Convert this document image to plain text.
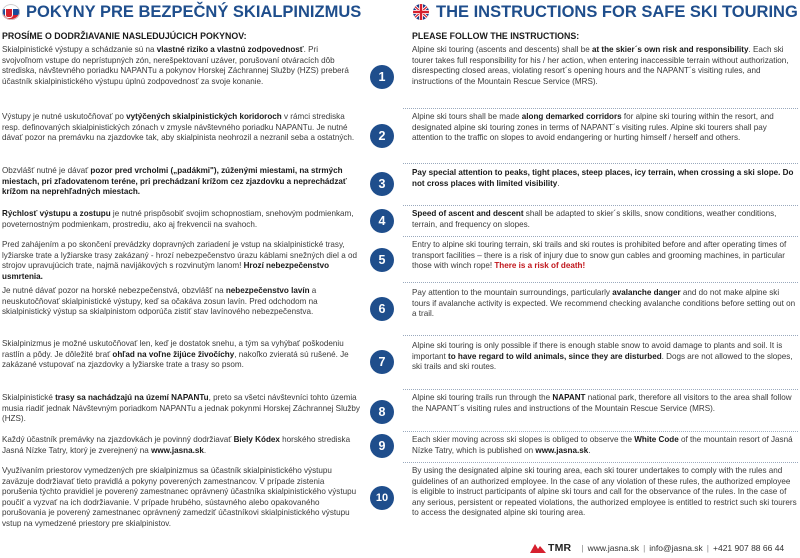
POKYNY PRE BEZPEČNÝ SKIALPINIZMUS	THE INSTRUCTIONS FOR SAFE SKI TOURING
PROSÍME O DODRŽIAVANIE NASLEDUJÚCICH POKYNOV:	PLEASE FOLLOW THE INSTRUCTIONS:

Skialpinistické výstupy a schádzanie sú na vlastné riziko a vlastnú zodpovednosť. Pri svojvoľnom vstupe do neprístupných zón, nerešpektovaní uzáver, porušovaní otváracích dôb strediska, návštevného poriadku NAPANTu a pokynov Horskej Záchrannej Služby (HZS) preberá účastník skialpinistického výstupu úplnú zodpovednosť za svoje konanie.

Výstupy je nutné uskutočňovať po vytýčených skialpinistických koridoroch v rámci strediska resp. definovaných skialpinistických zónach v zmysle návštevného poriadku NAPANTu. Je nutné dávať pozor na premávku na zjazdovke tak, aby skialpinista neohrozil a nezranil seba a ostatných.

Obzvlášť nutné je dávať pozor pred vrcholmi („padákmi"), zúženými miestami, na strmých miestach, pri zľadovatenom teréne, pri prechádzaní krížom cez zjazdovku a neprechádzať krížom na neprehľadných miestach.

Rýchlosť výstupu a zostupu je nutné prispôsobiť svojim schopnostiam, snehovým podmienkam, poveternostným podmienkam, prostrediu, ako aj frekvencii na svahoch.

Pred zahájením a po skončení prevádzky dopravných zariadení je vstup na skialpinistické trasy, lyžiarske trate a lyžiarske trasy zakázaný - hrozí nebezpečenstvo úrazu káblami snežných diel a od strojov upravujúcich trate, najmä navijákových s rozvinutým lanom! Hrozí nebezpečenstvo usmrtenia.

Je nutné dávať pozor na horské nebezpečenstvá, obzvlášť na nebezpečenstvo lavín a neuskutočňovať skialpinistické výstupy, keď sa očakáva zosun lavín. Pred odchodom na skialpinistický výstup sa skialpinistom odporúča zistiť stav lavínového nebezpečenstva.

Skialpinizmus je možné uskutočňovať len, keď je dostatok snehu, a tým sa vyhýbať poškodeniu rastlín a pôdy. Je dôležité brať ohľad na voľne žijúce živočíchy, nakoľko zvieratá sú rušené. Je zakázané vstupovať na zjazdovky a lyžiarske trate a trasy so psom.

Skialpinistické trasy sa nachádzajú na území NAPANTu, preto sa všetci návštevníci tohto územia musia riadiť jednak Návštevným poriadkom NAPANTu a jednak pokynmi Horskej Záchrannej Služby (HZS).

Každý účastník premávky na zjazdovkách je povinný dodržiavať Biely Kódex horského strediska Jasná Nízke Tatry, ktorý je zverejnený na www.jasna.sk.

Využívaním priestorov vymedzených pre skialpinizmus sa účastník skialpinistického výstupu zaväzuje dodržiavať tieto pravidlá a pokyny poverených zamestnancov. V prípade zistenia porušenia týchto pravidiel je poverený zamestnanec oprávnený účastníka skialpinistického výstupu poučiť a vyzvať na ich dodržiavanie. V prípade hrubého, sústavného alebo opakovaného porušovania je poverený zamestnanec oprávnený zamedziť účastníkovi skialpinistického výstupu vstup na vymedzené priestory pre skialpinistov.

1
2
3
4
5
6
7
8
9
10

Alpine ski touring (ascents and descents) shall be at the skier´s own risk and responsibility. Each ski tourer takes full responsibility for his / her action, when entering inaccessible terrain without authorization, disrespecting closed areas, violating resort´s opening hours and the NAPANT´s visiting rules, and instructions of the Mountain Rescue Service (MRS).

Alpine ski tours shall be made along demarked corridors for alpine ski touring within the resort, and designated alpine ski touring zones in terms of NAPANT´s visiting rules. Alpine ski tourers shall pay attention to the traffic on slopes to avoid endangering or hurting himself / herself and others.

Pay special attention to peaks, tight places, steep places, icy terrain, when crossing a ski slope. Do not cross places with limited visibility.

Speed of ascent and descent shall be adapted to skier´s skills, snow conditions, weather conditions, terrain, and frequency on slopes.

Entry to alpine ski touring terrain, ski trails and ski routes is prohibited before and after operating times of transport facilities – there is a risk of injury due to snow gun cables and grooming machines, in particular those with winch rope! There is a risk of death!

Pay attention to the mountain surroundings, particularly avalanche danger and do not make alpine ski tours if avalanche activity is expected. We recommend checking avalanche conditions before setting out on a trail.

Alpine ski touring is only possible if there is enough stable snow to avoid damage to plants and soil. It is important to have regard to wild animals, since they are disturbed. Dogs are not allowed to the slopes, ski trails and ski routes.

Alpine ski touring trails run through the NAPANT national park, therefore all visitors to the area shall follow the NAPANT´s visiting rules and instructions of the Mountain Rescue Service (MRS).

Each skier moving across ski slopes is obliged to observe the White Code of the mountain resort of Jasná Nízke Tatry, which is published on www.jasna.sk.

By using the designated alpine ski touring area, each ski tourer undertakes to comply with the rules and guidelines of an authorized employee. In the case of any violation of these rules, the authorized employee is eligible to instruct participants of alpine ski tours and call for the observance of the rules. In the case of any serious, persistent or repeated violations, the authorized employee is entitled to restrict such ski tourers to access the designated alpine ski touring area.

TMR | www.jasna.sk | info@jasna.sk | +421 907 88 66 44
